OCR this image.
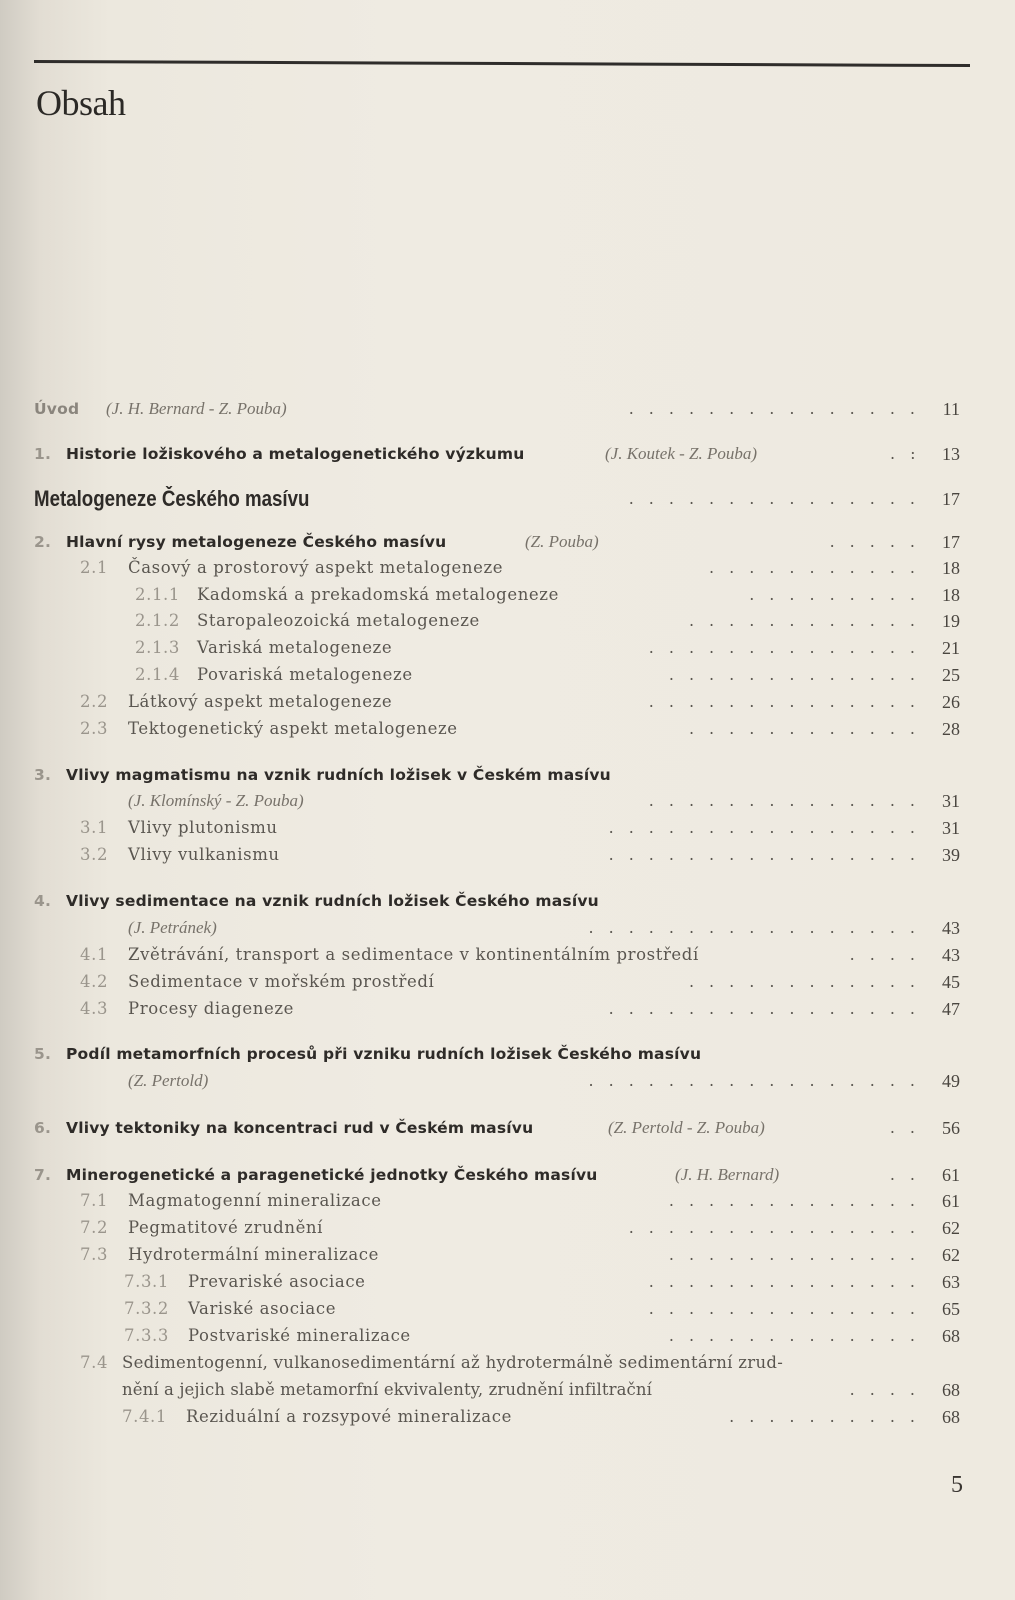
Obsah
Úvod (J. H. Bernard - Z. Pouba)	............... 11
1. Historie ložiskového a metalogenetického výzkumu	(J. Koutek - Z. Pouba)	.: 13
Metalogeneze Českého masívu	............... 17
2. Hlavní rysy metalogeneze Českého masívu	(Z. Pouba)	..... 17
2.1 Časový a prostorový aspekt metalogeneze	........... 18
2.1.1 Kadomská a prekadomská metalogeneze	......... 18
2.1.2 Staropaleozoická metalogeneze	............ 19
2.1.3 Variská metalogeneze	.............. 21
2.1.4 Povariská metalogeneze	............. 25
2.2 Látkový aspekt metalogeneze	.............. 26
2.3 Tektogenetický aspekt metalogeneze	............ 28
3. Vlivy magmatismu na vznik rudních ložisek v Českém masívu
(J. Klomínský - Z. Pouba)	.............. 31
3.1 Vlivy plutonismu	................ 31
3.2 Vlivy vulkanismu	................ 39
4. Vlivy sedimentace na vznik rudních ložisek Českého masívu
(J. Petránek)	................. 43
4.1 Zvětrávání, transport a sedimentace v kontinentálním prostředí	.... 43
4.2 Sedimentace v mořském prostředí	............ 45
4.3 Procesy diageneze	................ 47
5. Podíl metamorfních procesů při vzniku rudních ložisek Českého masívu
(Z. Pertold)	................. 49
6. Vlivy tektoniky na koncentraci rud v Českém masívu	(Z. Pertold - Z. Pouba)	.. 56
7. Minerogenetické a paragenetické jednotky Českého masívu	(J. H. Bernard)	.. 61
7.1 Magmatogenní mineralizace	............. 61
7.2 Pegmatitové zrudnění	............... 62
7.3 Hydrotermální mineralizace	............. 62
7.3.1 Prevariské asociace	.............. 63
7.3.2 Variské asociace	.............. 65
7.3.3 Postvariské mineralizace	............. 68
7.4 Sedimentogenní, vulkanosedimentární až hydrotermálně sedimentární zrud-
nění a jejich slabě metamorfní ekvivalenty, zrudnění infiltrační	.... 68
7.4.1 Reziduální a rozsypové mineralizace	.......... 68
5
